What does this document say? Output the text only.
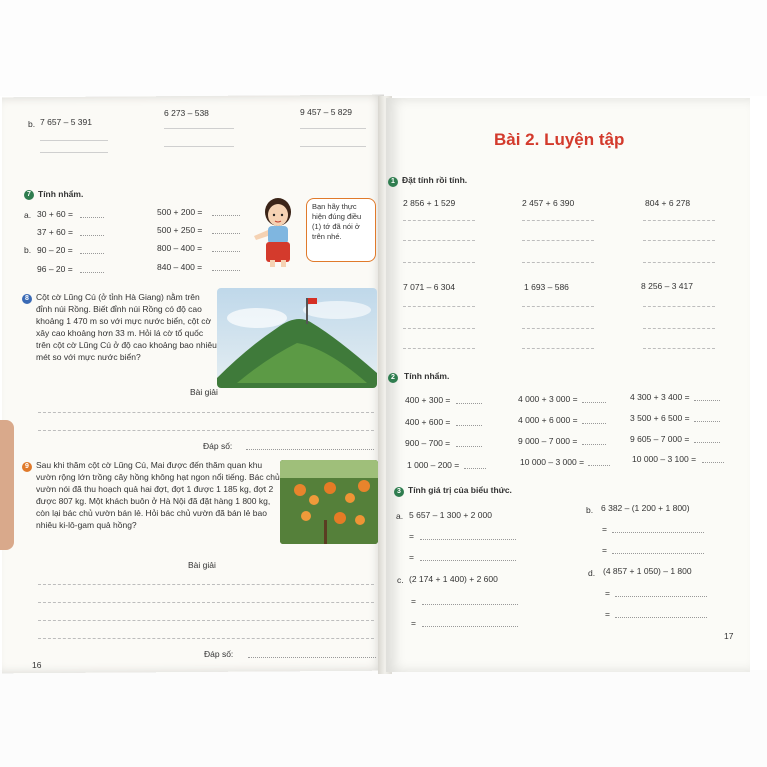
b. 7 657 – 5 391
6 273 – 538	9 457 – 5 829
7 Tính nhẩm.
a.
b.
30 + 60 =	500 + 200 =
37 + 60 =	500 + 250 =
90 – 20 =	800 – 400 =
96 – 20 =	840 – 400 =
Bạn hãy thực hiện đúng điều (1) tớ đã nói ở trên nhé.
8 Cột cờ Lũng Cú (ở tỉnh Hà Giang) nằm trên đỉnh núi Rồng. Biết đỉnh núi Rồng có độ cao khoảng 1 470 m so với mực nước biển, cột cờ xây cao khoảng hơn 33 m. Hỏi lá cờ tổ quốc trên cột cờ Lũng Cú ở độ cao khoảng bao nhiêu mét so với mực nước biển?
Bài giải
Đáp số:
9 Sau khi thăm cột cờ Lũng Cú, Mai được đến thăm quan khu vườn rộng lớn trồng cây hồng không hạt ngon nổi tiếng. Bác chủ vườn nói đã thu hoạch quả hai đợt, đợt 1 được 1 185 kg, đợt 2 được 807 kg. Một khách buôn ở Hà Nội đã đặt hàng 1 800 kg, còn lại bác chủ vườn bán lẻ. Hỏi bác chủ vườn đã bán lẻ bao nhiêu ki-lô-gam quả hồng?
Bài giải
Đáp số:
16
Bài 2. Luyện tập
1 Đặt tính rồi tính.
2 856 + 1 529	2 457 + 6 390	804 + 6 278
7 071 – 6 304	1 693 – 586	8 256 – 3 417
2	Tính nhẩm.
400 + 300 =	4 000 + 3 000 =	4 300 + 3 400 =
400 + 600 =	4 000 + 6 000 =	3 500 + 6 500 =
900 – 700 =	9 000 – 7 000 =	9 605 – 7 000 =
1 000 – 200 =	10 000 – 3 000 =	10 000 – 3 100 =
3 Tính giá trị của biểu thức.
a. 5 657 – 1 300 + 2 000
=
=
b. 6 382 – (1 200 + 1 800)
=
=
c. (2 174 + 1 400) + 2 600
=
=
d. (4 857 + 1 050) – 1 800
=
=
17
